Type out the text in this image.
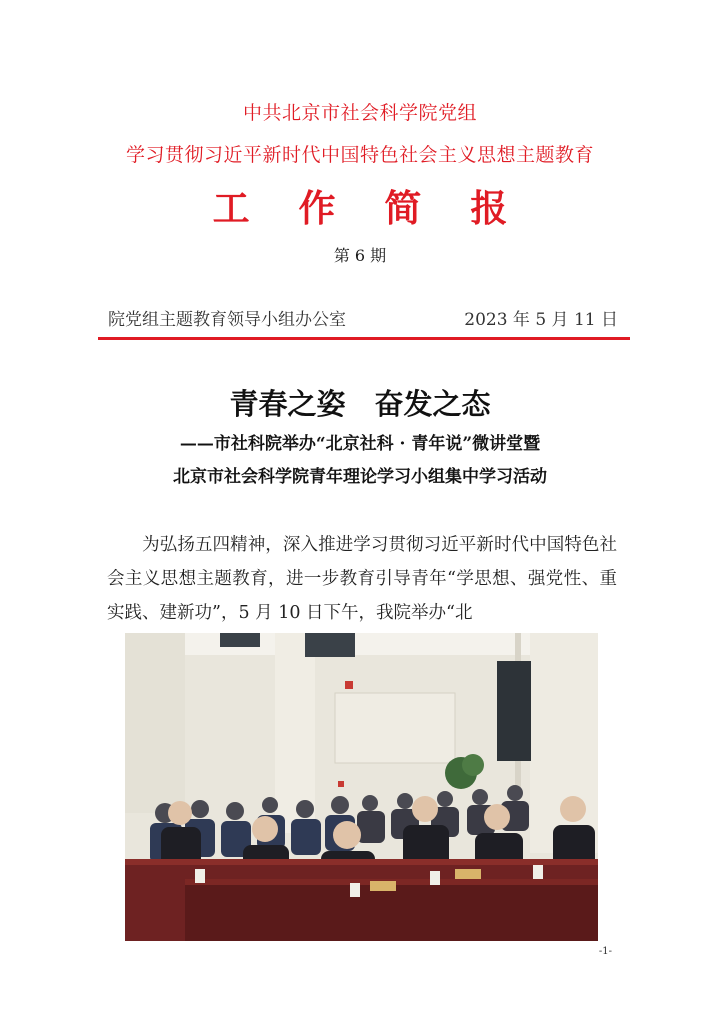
中共北京市社会科学院党组
学习贯彻习近平新时代中国特色社会主义思想主题教育
工 作 简 报
第 6 期
院党组主题教育领导小组办公室	2023 年 5 月 11 日
青春之姿　奋发之态
——市社科院举办“北京社科 · 青年说”微讲堂暨
北京市社会科学院青年理论学习小组集中学习活动
　　为弘扬五四精神，深入推进学习贯彻习近平新时代中国特色社会主义思想主题教育，进一步教育引导青年“学思想、强党性、重实践、建新功”，5 月 10 日下午，我院举办“北
-1-
